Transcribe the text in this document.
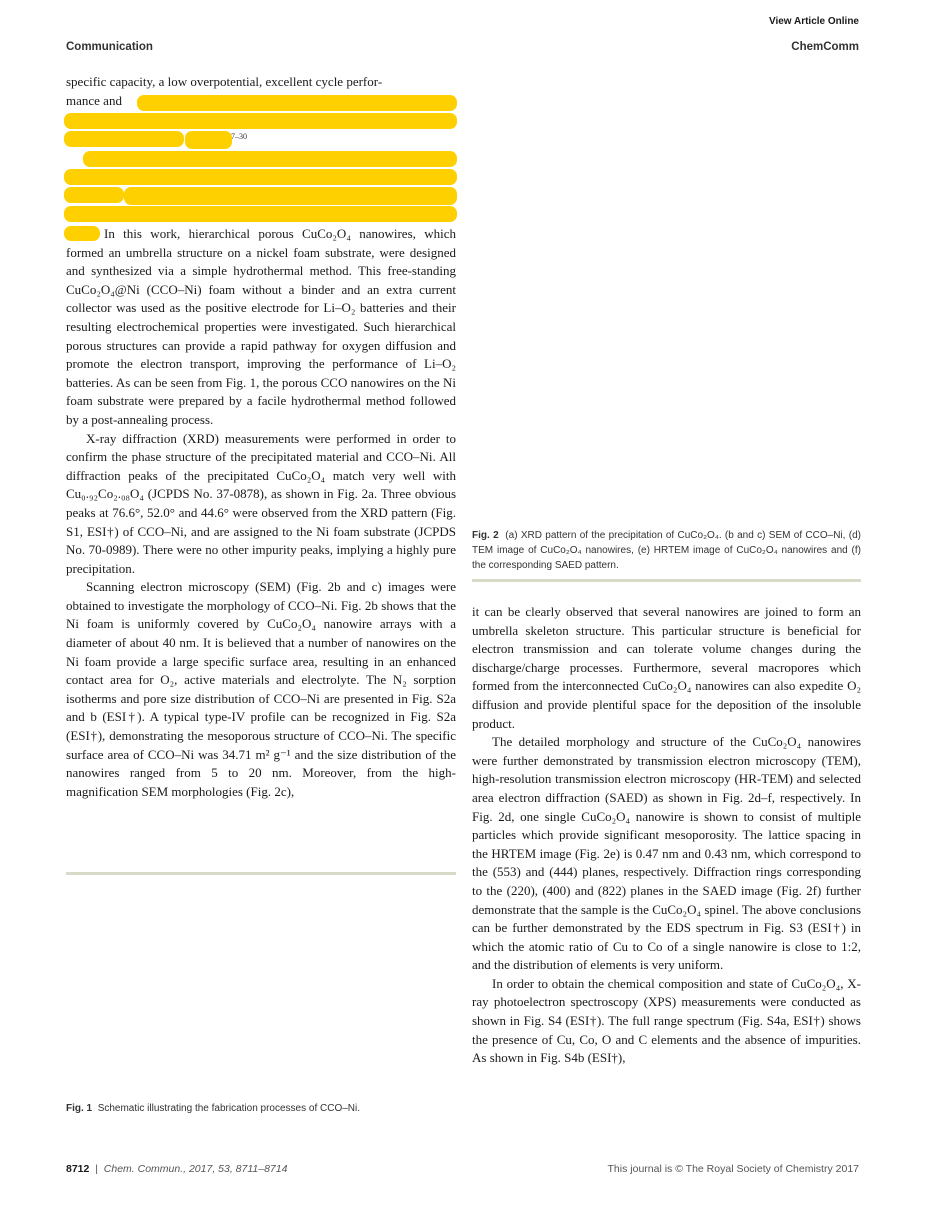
View Article Online
Communication	ChemComm
specific capacity, a low overpotential, excellent cycle perfor-
mance and
7–30

In this work, hierarchical porous CuCo₂O₄ nanowires, which formed an umbrella structure on a nickel foam substrate, were designed and synthesized via a simple hydrothermal method. This free-standing CuCo₂O₄@Ni (CCO–Ni) foam without a binder and an extra current collector was used as the positive electrode for Li–O₂ batteries and their resulting electrochemical properties were investigated. Such hierarchical porous structures can provide a rapid pathway for oxygen diffusion and promote the electron transport, improving the performance of Li–O₂ batteries. As can be seen from Fig. 1, the porous CCO nanowires on the Ni foam substrate were prepared by a facile hydrothermal method followed by a post-annealing process.

X-ray diffraction (XRD) measurements were performed in order to confirm the phase structure of the precipitated material and CCO–Ni. All diffraction peaks of the precipitated CuCo₂O₄ match very well with Cu₀.₉₂Co₂.₀₈O₄ (JCPDS No. 37-0878), as shown in Fig. 2a. Three obvious peaks at 76.6°, 52.0° and 44.6° were observed from the XRD pattern (Fig. S1, ESI†) of CCO–Ni, and are assigned to the Ni foam substrate (JCPDS No. 70-0989). There were no other impurity peaks, implying a highly pure precipitation.

Scanning electron microscopy (SEM) (Fig. 2b and c) images were obtained to investigate the morphology of CCO–Ni. Fig. 2b shows that the Ni foam is uniformly covered by CuCo₂O₄ nanowire arrays with a diameter of about 40 nm. It is believed that a number of nanowires on the Ni foam provide a large specific surface area, resulting in an enhanced contact area for O₂, active materials and electrolyte. The N₂ sorption isotherms and pore size distribution of CCO–Ni are presented in Fig. S2a and b (ESI†). A typical type-IV profile can be recognized in Fig. S2a (ESI†), demonstrating the mesoporous structure of CCO–Ni. The specific surface area of CCO–Ni was 34.71 m² g⁻¹ and the size distribution of the nanowires ranged from 5 to 20 nm. Moreover, from the high-magnification SEM morphologies (Fig. 2c),

Fig. 1 Schematic illustrating the fabrication processes of CCO–Ni.
Fig. 2 (a) XRD pattern of the precipitation of CuCo₂O₄. (b and c) SEM of CCO–Ni, (d) TEM image of CuCo₂O₄ nanowires, (e) HRTEM image of CuCo₂O₄ nanowires and (f) the corresponding SAED pattern.

it can be clearly observed that several nanowires are joined to form an umbrella skeleton structure. This particular structure is beneficial for electron transmission and can tolerate volume changes during the discharge/charge processes. Furthermore, several macropores which formed from the interconnected CuCo₂O₄ nanowires can also expedite O₂ diffusion and provide plentiful space for the deposition of the insoluble product.

The detailed morphology and structure of the CuCo₂O₄ nanowires were further demonstrated by transmission electron microscopy (TEM), high-resolution transmission electron microscopy (HR-TEM) and selected area electron diffraction (SAED) as shown in Fig. 2d–f, respectively. In Fig. 2d, one single CuCo₂O₄ nanowire is shown to consist of multiple particles which provide significant mesoporosity. The lattice spacing in the HRTEM image (Fig. 2e) is 0.47 nm and 0.43 nm, which correspond to the (553) and (444) planes, respectively. Diffraction rings corresponding to the (220), (400) and (822) planes in the SAED image (Fig. 2f) further demonstrate that the sample is the CuCo₂O₄ spinel. The above conclusions can be further demonstrated by the EDS spectrum in Fig. S3 (ESI†) in which the atomic ratio of Cu to Co of a single nanowire is close to 1:2, and the distribution of elements is very uniform.

In order to obtain the chemical composition and state of CuCo₂O₄, X-ray photoelectron spectroscopy (XPS) measurements were conducted as shown in Fig. S4 (ESI†). The full range spectrum (Fig. S4a, ESI†) shows the presence of Cu, Co, O and C elements and the absence of impurities. As shown in Fig. S4b (ESI†),

8712  |  Chem. Commun., 2017, 53, 8711–8714	This journal is © The Royal Society of Chemistry 2017
